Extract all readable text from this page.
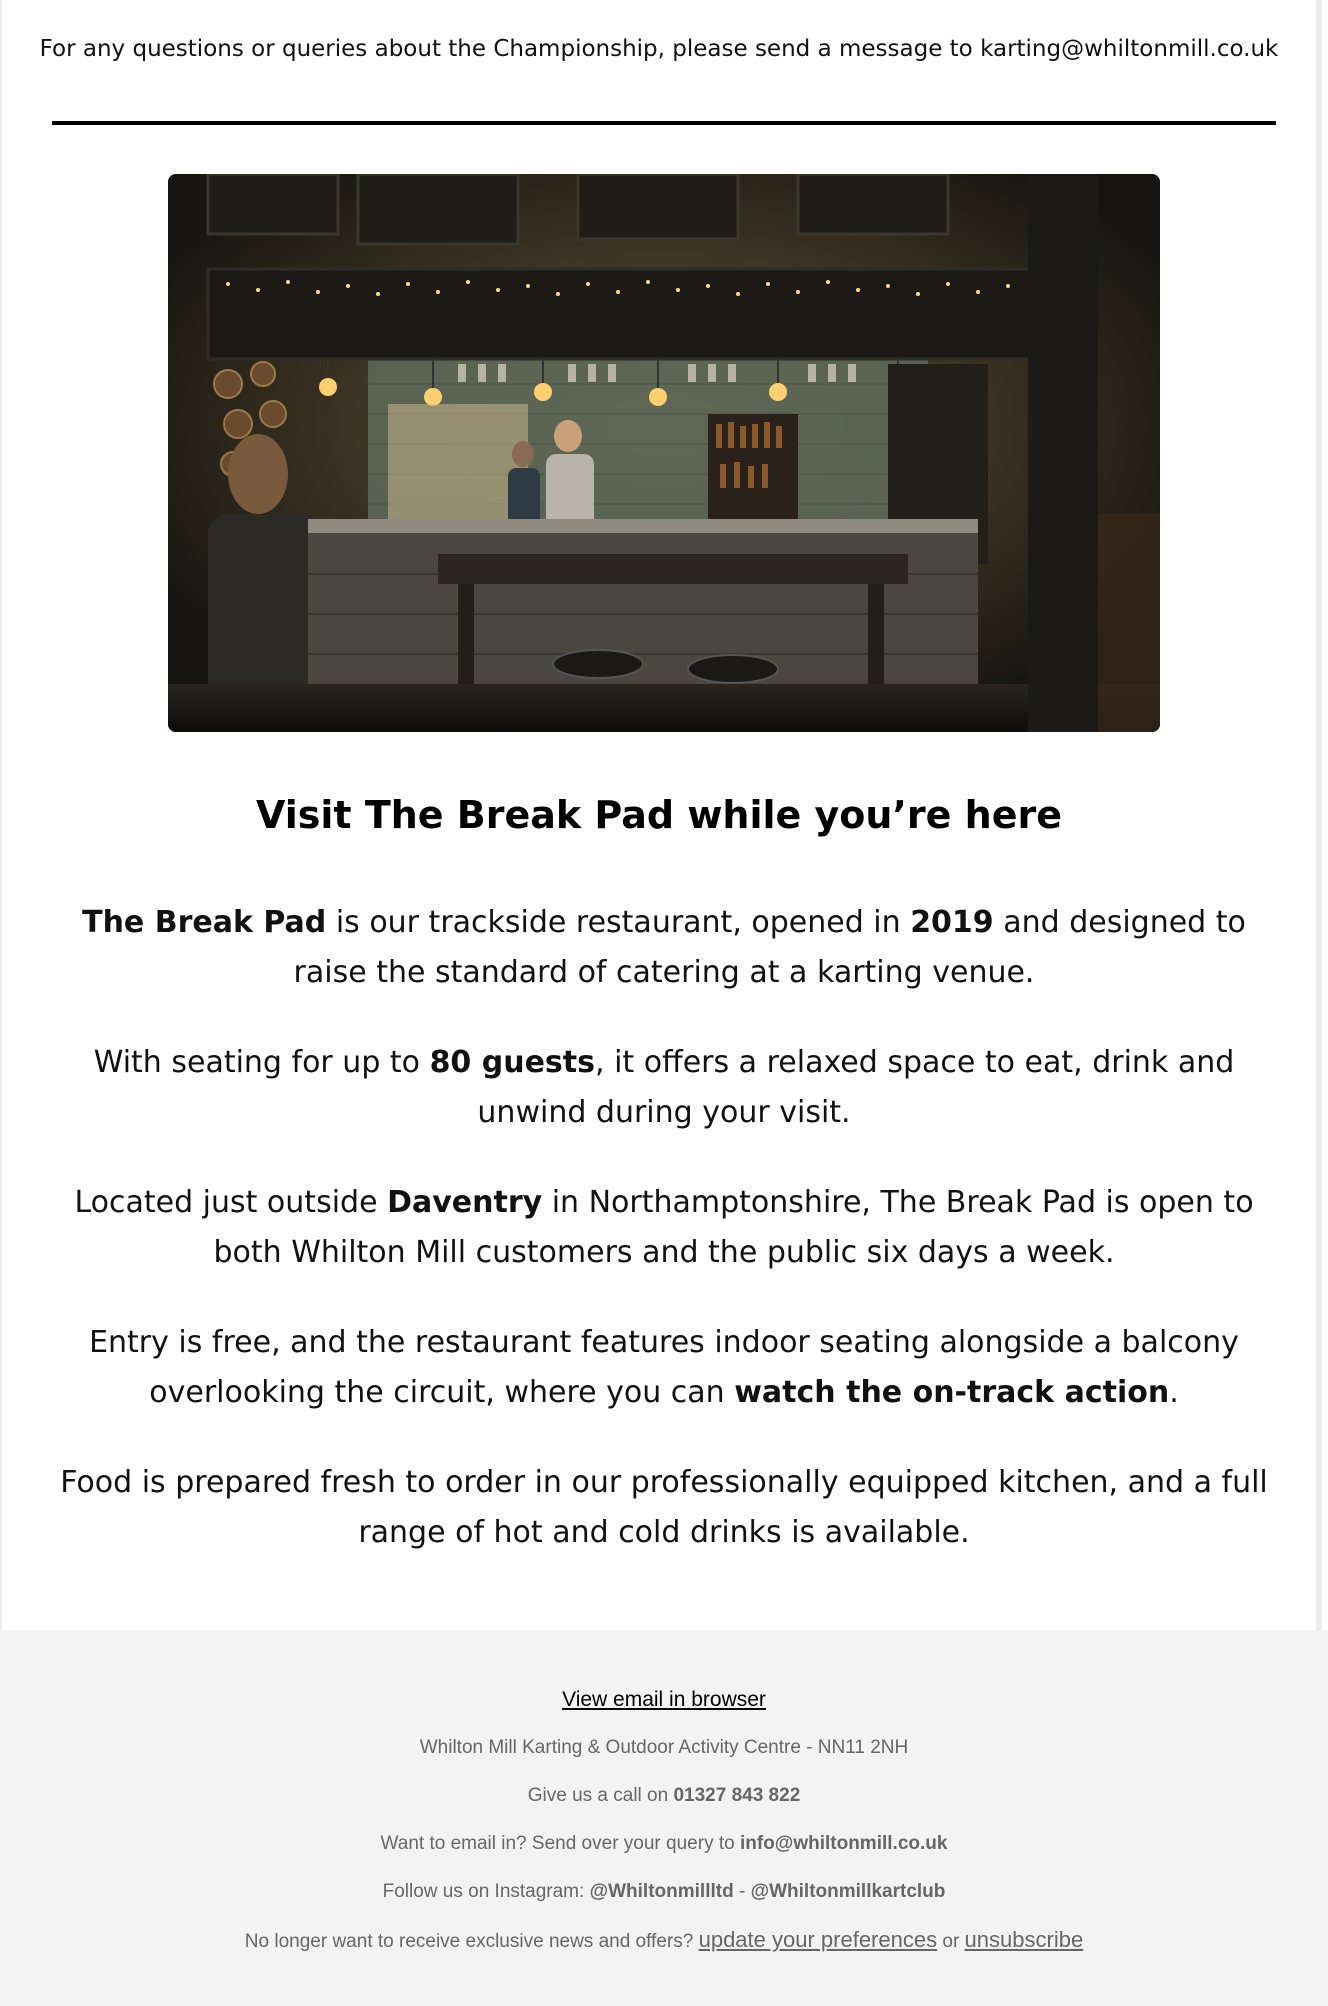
For any questions or queries about the Championship, please send a message to karting@whiltonmill.co.uk
Visit The Break Pad while you’re here

The Break Pad is our trackside restaurant, opened in 2019 and designed to raise the standard of catering at a karting venue.

With seating for up to 80 guests, it offers a relaxed space to eat, drink and unwind during your visit.

Located just outside Daventry in Northamptonshire, The Break Pad is open to both Whilton Mill customers and the public six days a week.

Entry is free, and the restaurant features indoor seating alongside a balcony overlooking the circuit, where you can watch the on-track action.

Food is prepared fresh to order in our professionally equipped kitchen, and a full range of hot and cold drinks is available.

View email in browser
Whilton Mill Karting & Outdoor Activity Centre - NN11 2NH
Give us a call on 01327 843 822
Want to email in? Send over your query to info@whiltonmill.co.uk
Follow us on Instagram: @Whiltonmillltd - @Whiltonmillkartclub
No longer want to receive exclusive news and offers? update your preferences or unsubscribe
